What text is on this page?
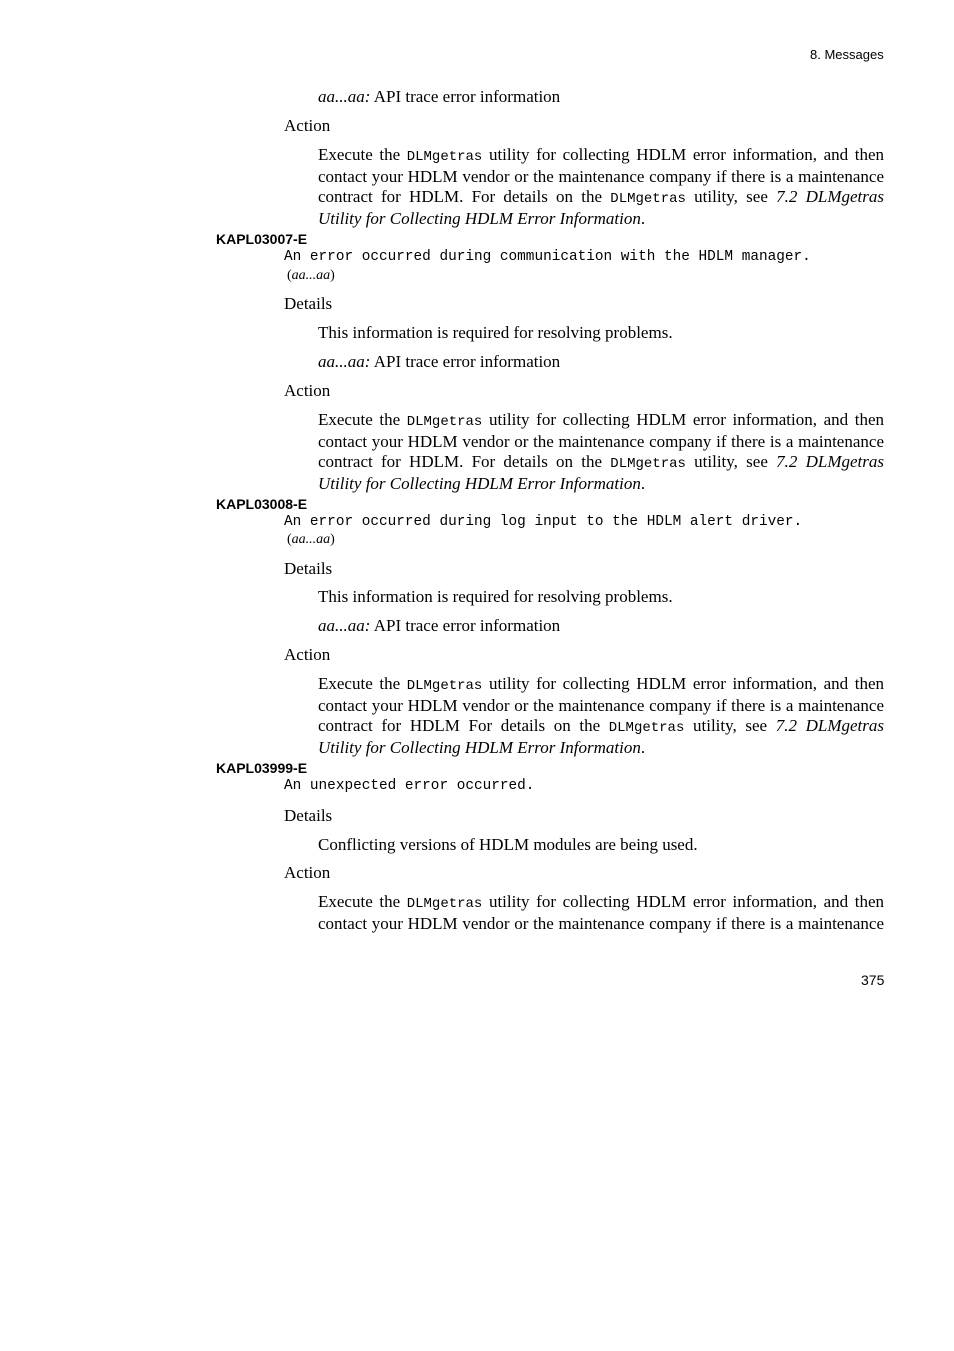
8. Messages
aa...aa: API trace error information
Action
Execute the DLMgetras utility for collecting HDLM error information, and then
contact your HDLM vendor or the maintenance company if there is a maintenance
contract for HDLM. For details on the DLMgetras utility, see 7.2 DLMgetras
Utility for Collecting HDLM Error Information.
KAPL03007-E
An error occurred during communication with the HDLM manager.
(aa...aa)
Details
This information is required for resolving problems.
aa...aa: API trace error information
Action
Execute the DLMgetras utility for collecting HDLM error information, and then
contact your HDLM vendor or the maintenance company if there is a maintenance
contract for HDLM. For details on the DLMgetras utility, see 7.2 DLMgetras
Utility for Collecting HDLM Error Information.
KAPL03008-E
An error occurred during log input to the HDLM alert driver.
(aa...aa)
Details
This information is required for resolving problems.
aa...aa: API trace error information
Action
Execute the DLMgetras utility for collecting HDLM error information, and then
contact your HDLM vendor or the maintenance company if there is a maintenance
contract for HDLM For details on the DLMgetras utility, see 7.2 DLMgetras
Utility for Collecting HDLM Error Information.
KAPL03999-E
An unexpected error occurred.
Details
Conflicting versions of HDLM modules are being used.
Action
Execute the DLMgetras utility for collecting HDLM error information, and then
contact your HDLM vendor or the maintenance company if there is a maintenance
375
